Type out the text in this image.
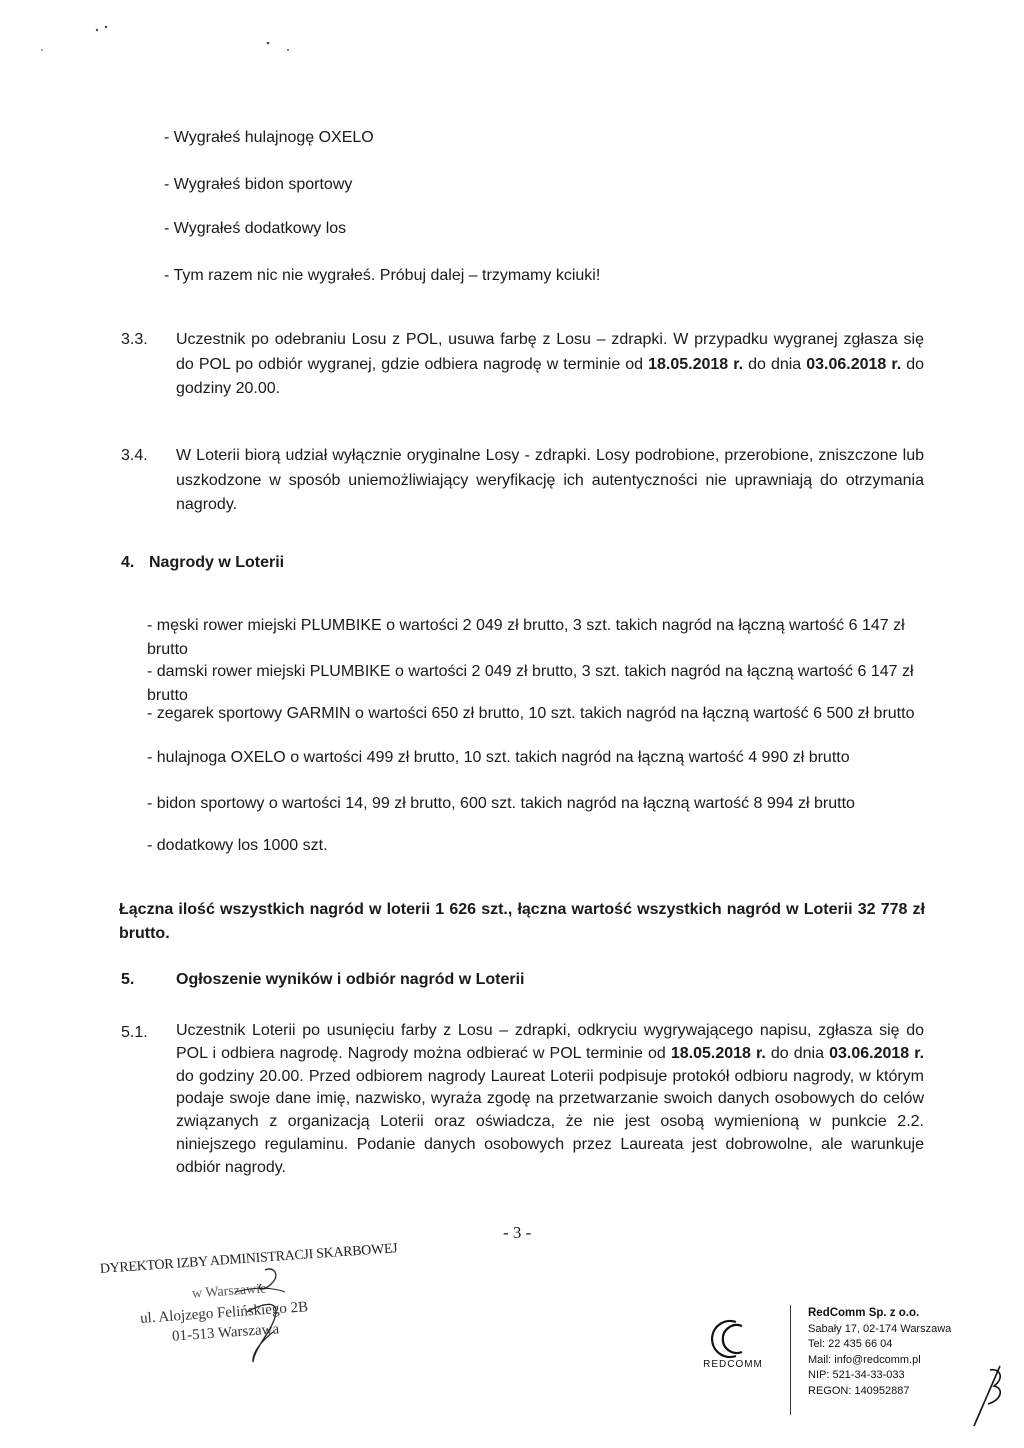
- Wygrałeś hulajnogę OXELO
- Wygrałeś bidon sportowy
- Wygrałeś dodatkowy los
- Tym razem nic nie wygrałeś. Próbuj dalej – trzymamy kciuki!
3.3. Uczestnik po odebraniu Losu z POL, usuwa farbę z Losu – zdrapki. W przypadku wygranej zgłasza się do POL po odbiór wygranej, gdzie odbiera nagrodę w terminie od 18.05.2018 r. do dnia 03.06.2018 r. do godziny 20.00.
3.4. W Loterii biorą udział wyłącznie oryginalne Losy - zdrapki. Losy podrobione, przerobione, zniszczone lub uszkodzone w sposób uniemożliwiający weryfikację ich autentyczności nie uprawniają do otrzymania nagrody.
4. Nagrody w Loterii
- męski rower miejski PLUMBIKE o wartości 2 049 zł brutto, 3 szt. takich nagród na łączną wartość 6 147 zł brutto
- damski rower miejski PLUMBIKE o wartości 2 049 zł brutto, 3 szt. takich nagród na łączną wartość 6 147 zł brutto
- zegarek sportowy GARMIN o wartości 650 zł brutto, 10 szt. takich nagród na łączną wartość 6 500 zł brutto
- hulajnoga OXELO o wartości 499 zł brutto, 10 szt. takich nagród na łączną wartość 4 990 zł brutto
- bidon sportowy o wartości 14, 99 zł brutto, 600 szt. takich nagród na łączną wartość 8 994 zł brutto
- dodatkowy los 1000 szt.
Łączna ilość wszystkich nagród w loterii 1 626 szt., łączna wartość wszystkich nagród w Loterii 32 778 zł brutto.
5.	Ogłoszenie wyników i odbiór nagród w Loterii
5.1. Uczestnik Loterii po usunięciu farby z Losu – zdrapki, odkryciu wygrywającego napisu, zgłasza się do POL i odbiera nagrodę. Nagrody można odbierać w POL terminie od 18.05.2018 r. do dnia 03.06.2018 r. do godziny 20.00. Przed odbiorem nagrody Laureat Loterii podpisuje protokół odbioru nagrody, w którym podaje swoje dane imię, nazwisko, wyraża zgodę na przetwarzanie swoich danych osobowych do celów związanych z organizacją Loterii oraz oświadcza, że nie jest osobą wymienioną w punkcie 2.2. niniejszego regulaminu. Podanie danych osobowych przez Laureata jest dobrowolne, ale warunkuje odbiór nagrody.
- 3 -
DYREKTOR IZBY ADMINISTRACJI SKARBOWEJ
w Warszawie
ul. Alojzego Felińskiego 2B
01-513 Warszawa
REDCOMM
RedComm Sp. z o.o.
Sabały 17, 02-174 Warszawa
Tel: 22 435 66 04
Mail: info@redcomm.pl
NIP: 521-34-33-033
REGON: 140952887
